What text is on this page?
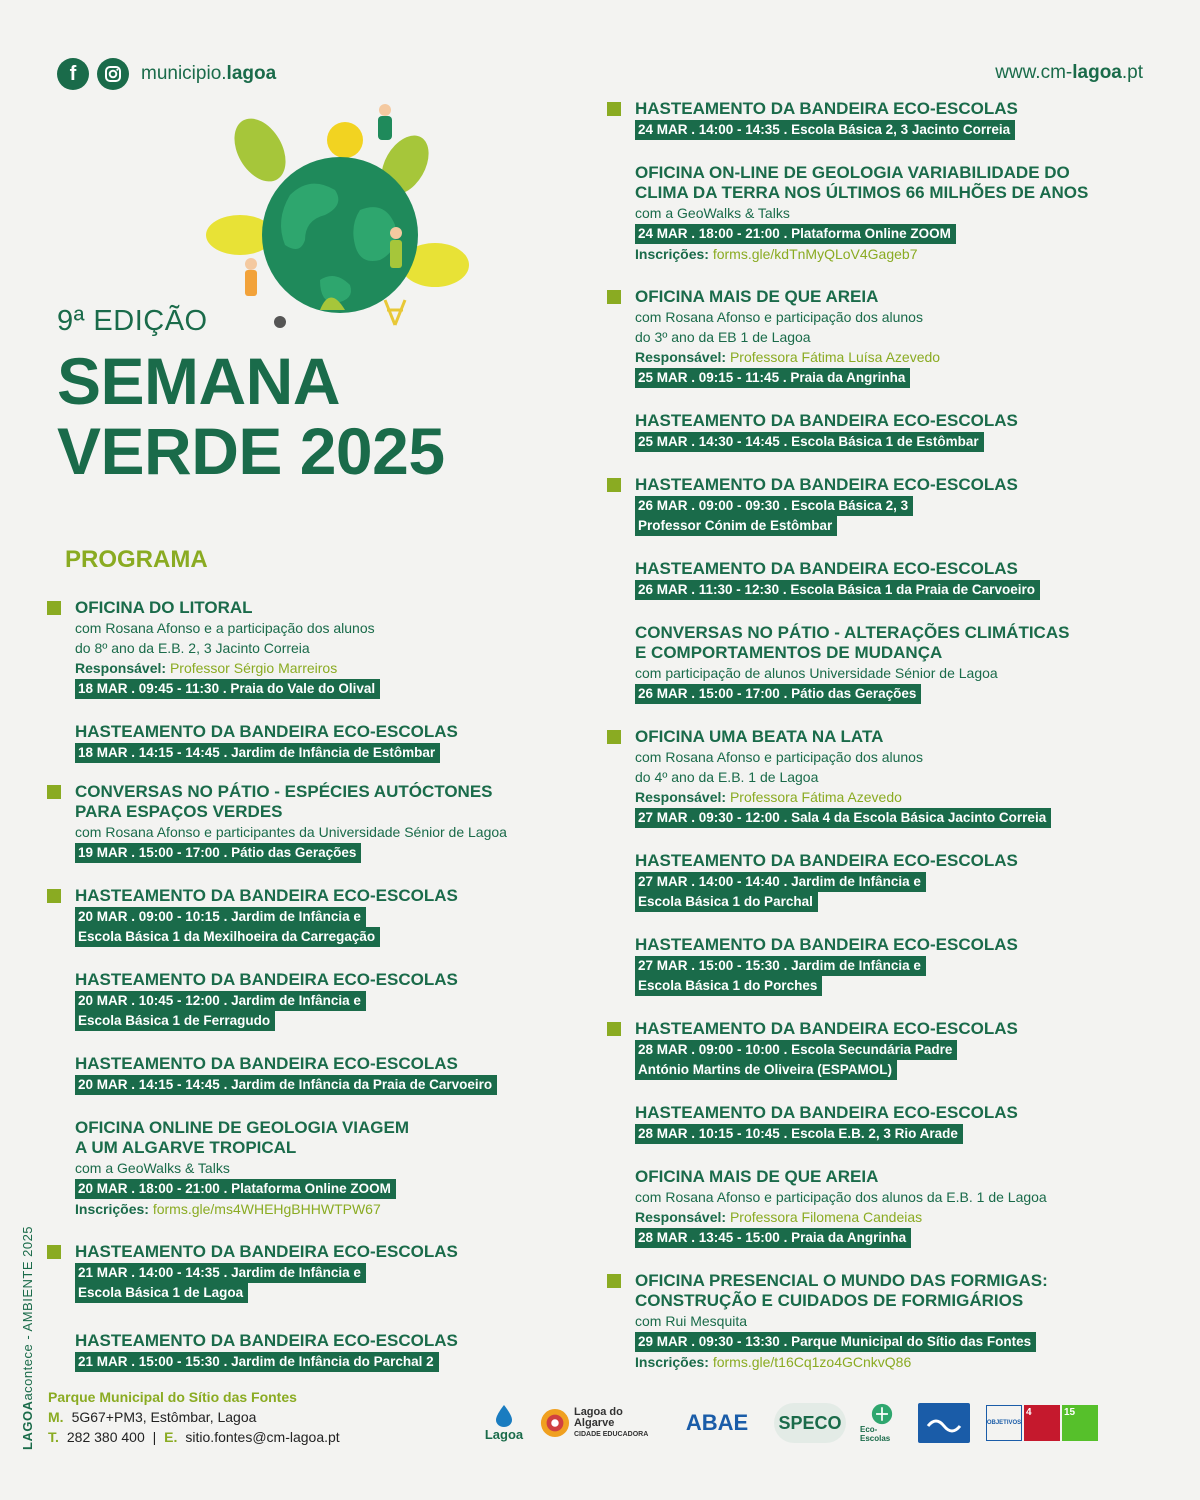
f	municipio.lagoa	www.cm-lagoa.pt
9ª EDIÇÃO
SEMANA
VERDE 2025
PROGRAMA
OFICINA DO LITORAL
com Rosana Afonso e a participação dos alunos
do 8º ano da E.B. 2, 3 Jacinto Correia
Responsável: Professor Sérgio Marreiros
18 MAR . 09:45 - 11:30 . Praia do Vale do Olival
HASTEAMENTO DA BANDEIRA ECO-ESCOLAS
18 MAR . 14:15 - 14:45 . Jardim de Infância de Estômbar
CONVERSAS NO PÁTIO - ESPÉCIES AUTÓCTONES
PARA ESPAÇOS VERDES
com Rosana Afonso e participantes da Universidade Sénior de Lagoa
19 MAR . 15:00 - 17:00 . Pátio das Gerações
HASTEAMENTO DA BANDEIRA ECO-ESCOLAS
20 MAR . 09:00 - 10:15 . Jardim de Infância e
Escola Básica 1 da Mexilhoeira da Carregação
HASTEAMENTO DA BANDEIRA ECO-ESCOLAS
20 MAR . 10:45 - 12:00 . Jardim de Infância e
Escola Básica 1 de Ferragudo
HASTEAMENTO DA BANDEIRA ECO-ESCOLAS
20 MAR . 14:15 - 14:45 . Jardim de Infância da Praia de Carvoeiro
OFICINA ONLINE DE GEOLOGIA VIAGEM
A UM ALGARVE TROPICAL
com a GeoWalks & Talks
20 MAR . 18:00 - 21:00 . Plataforma Online ZOOM
Inscrições: forms.gle/ms4WHEHgBHHWTPW67
HASTEAMENTO DA BANDEIRA ECO-ESCOLAS
21 MAR . 14:00 - 14:35 . Jardim de Infância e
Escola Básica 1 de Lagoa
HASTEAMENTO DA BANDEIRA ECO-ESCOLAS
21 MAR . 15:00 - 15:30 . Jardim de Infância do Parchal 2
HASTEAMENTO DA BANDEIRA ECO-ESCOLAS
24 MAR . 14:00 - 14:35 . Escola Básica 2, 3 Jacinto Correia
OFICINA ON-LINE DE GEOLOGIA VARIABILIDADE DO
CLIMA DA TERRA NOS ÚLTIMOS 66 MILHÕES DE ANOS
com a GeoWalks & Talks
24 MAR . 18:00 - 21:00 . Plataforma Online ZOOM
Inscrições: forms.gle/kdTnMyQLoV4Gageb7
OFICINA MAIS DE QUE AREIA
com Rosana Afonso e participação dos alunos
do 3º ano da EB 1 de Lagoa
Responsável: Professora Fátima Luísa Azevedo
25 MAR . 09:15 - 11:45 . Praia da Angrinha
HASTEAMENTO DA BANDEIRA ECO-ESCOLAS
25 MAR . 14:30 - 14:45 . Escola Básica 1 de Estômbar
HASTEAMENTO DA BANDEIRA ECO-ESCOLAS
26 MAR . 09:00 - 09:30 . Escola Básica 2, 3
Professor Cónim de Estômbar
HASTEAMENTO DA BANDEIRA ECO-ESCOLAS
26 MAR . 11:30 - 12:30 . Escola Básica 1 da Praia de Carvoeiro
CONVERSAS NO PÁTIO - ALTERAÇÕES CLIMÁTICAS
E COMPORTAMENTOS DE MUDANÇA
com participação de alunos Universidade Sénior de Lagoa
26 MAR . 15:00 - 17:00 . Pátio das Gerações
OFICINA UMA BEATA NA LATA
com Rosana Afonso e participação dos alunos
do 4º ano da E.B. 1 de Lagoa
Responsável: Professora Fátima Azevedo
27 MAR . 09:30 - 12:00 . Sala 4 da Escola Básica Jacinto Correia
HASTEAMENTO DA BANDEIRA ECO-ESCOLAS
27 MAR . 14:00 - 14:40 . Jardim de Infância e
Escola Básica 1 do Parchal
HASTEAMENTO DA BANDEIRA ECO-ESCOLAS
27 MAR . 15:00 - 15:30 . Jardim de Infância e
Escola Básica 1 do Porches
HASTEAMENTO DA BANDEIRA ECO-ESCOLAS
28 MAR . 09:00 - 10:00 . Escola Secundária Padre
António Martins de Oliveira (ESPAMOL)
HASTEAMENTO DA BANDEIRA ECO-ESCOLAS
28 MAR . 10:15 - 10:45 . Escola E.B. 2, 3 Rio Arade
OFICINA MAIS DE QUE AREIA
com Rosana Afonso e participação dos alunos da E.B. 1 de Lagoa
Responsável: Professora Filomena Candeias
28 MAR . 13:45 - 15:00 . Praia da Angrinha
OFICINA PRESENCIAL O MUNDO DAS FORMIGAS:
CONSTRUÇÃO E CUIDADOS DE FORMIGÁRIOS
com Rui Mesquita
29 MAR . 09:30 - 13:30 . Parque Municipal do Sítio das Fontes
Inscrições: forms.gle/t16Cq1zo4GCnkvQ86
LAGOAacontece - AMBIENTE 2025
Parque Municipal do Sítio das Fontes
M. 5G67+PM3, Estômbar, Lagoa
T. 282 380 400 | E. sitio.fontes@cm-lagoa.pt	Lagoa
Lagoa do Algarve
CIDADE EDUCADORA	ABAE	SPECO	Eco-Escolas
OBJETIVOS
4	15
